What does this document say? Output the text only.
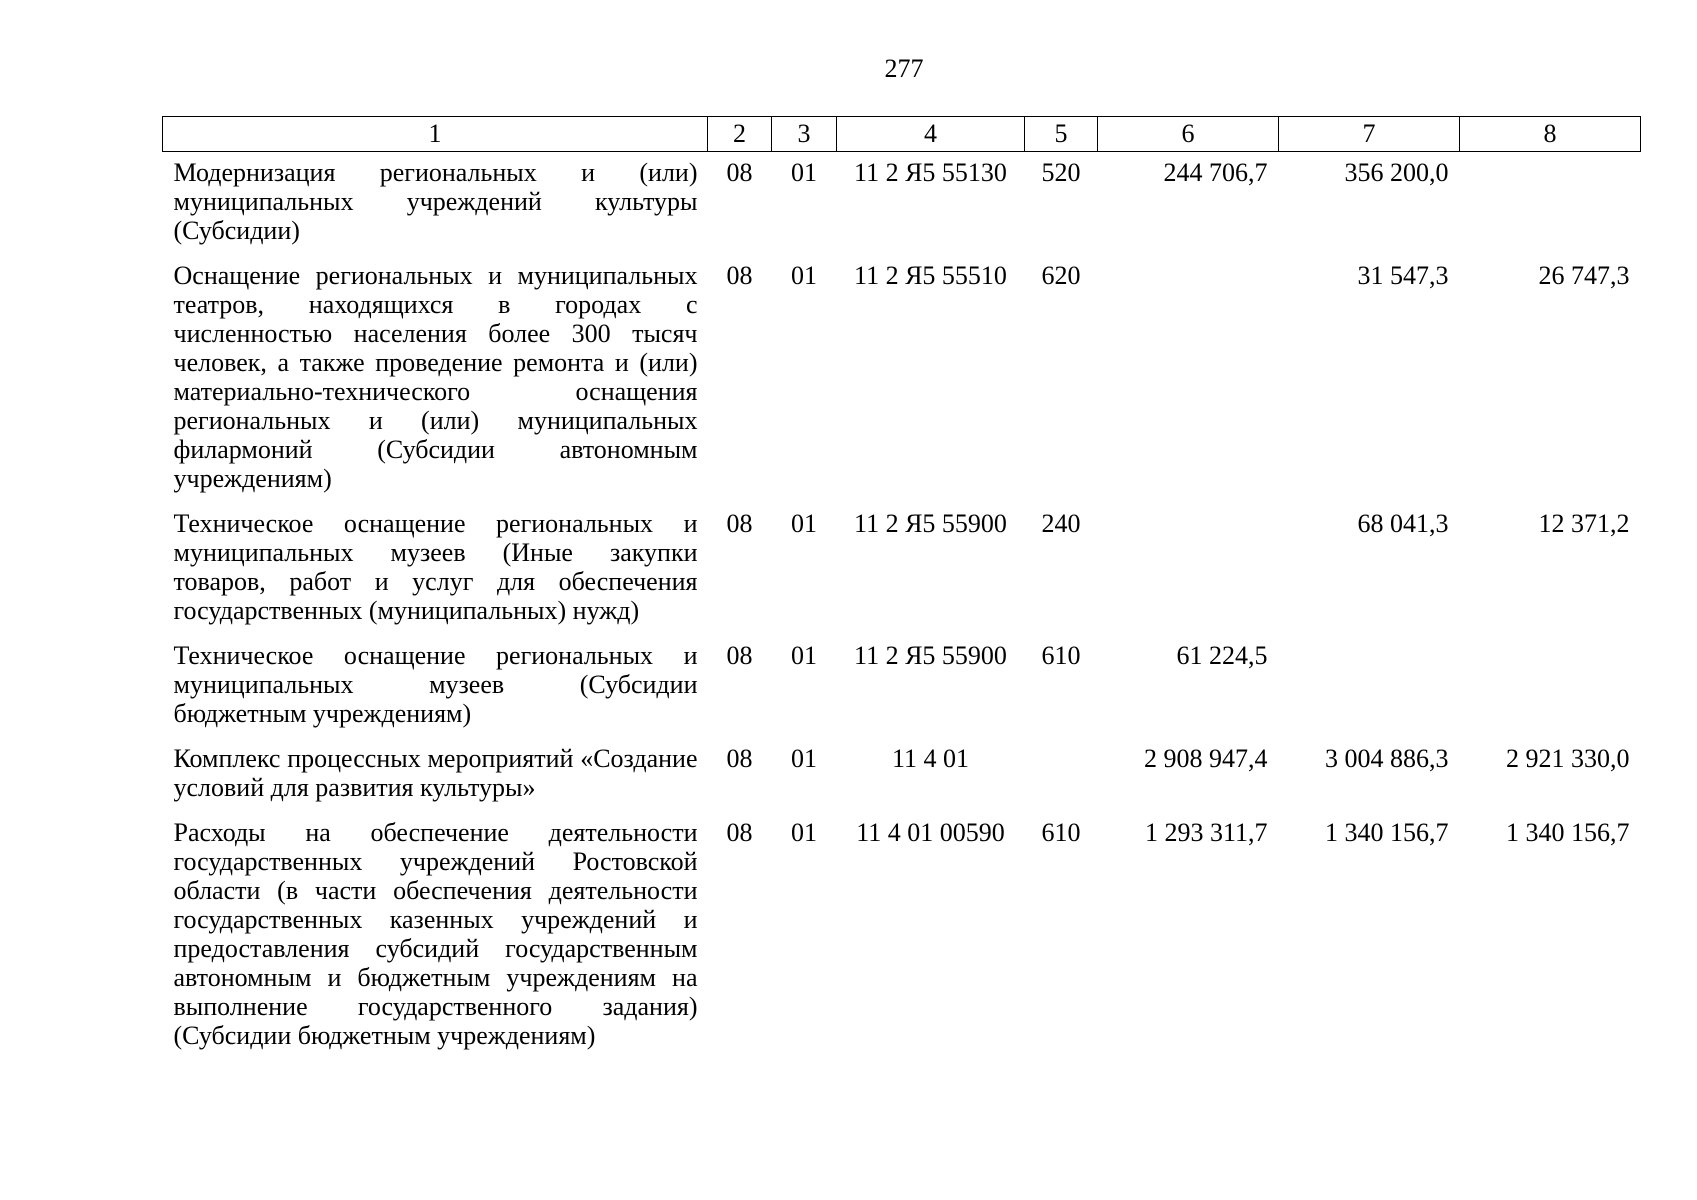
277
1	2	3	4	5	6	7	8
Модернизация региональных и (или) муниципальных учреждений культуры (Субсидии)	08	01	11 2 Я5 55130	520	244 706,7	356 200,0	
Оснащение региональных и муниципальных театров, находящихся в городах с численностью населения более 300 тысяч человек, а также проведение ремонта и (или) материально-технического оснащения региональных и (или) муниципальных филармоний (Субсидии автономным учреждениям)	08	01	11 2 Я5 55510	620		31 547,3	26 747,3
Техническое оснащение региональных и муниципальных музеев (Иные закупки товаров, работ и услуг для обеспечения государственных (муниципальных) нужд)	08	01	11 2 Я5 55900	240		68 041,3	12 371,2
Техническое оснащение региональных и муниципальных музеев (Субсидии бюджетным учреждениям)	08	01	11 2 Я5 55900	610	61 224,5		
Комплекс процессных мероприятий «Создание условий для развития культуры»	08	01	11 4 01		2 908 947,4	3 004 886,3	2 921 330,0
Расходы на обеспечение деятельности государственных учреждений Ростовской области (в части обеспечения деятельности государственных казенных учреждений и предоставления субсидий государственным автономным и бюджетным учреждениям на выполнение государственного задания) (Субсидии бюджетным учреждениям)	08	01	11 4 01 00590	610	1 293 311,7	1 340 156,7	1 340 156,7
